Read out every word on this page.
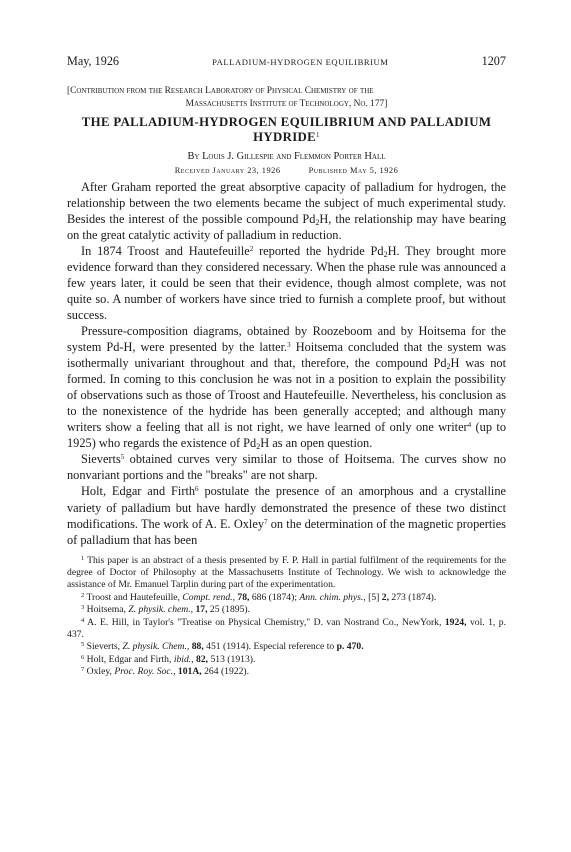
May, 1926	PALLADIUM-HYDROGEN EQUILIBRIUM	1207
[Contribution from the Research Laboratory of Physical Chemistry of the
Massachusetts Institute of Technology, No. 177]
THE PALLADIUM-HYDROGEN EQUILIBRIUM AND PALLADIUM HYDRIDE$^1$
By Louis J. Gillespie and Flemmon Porter Hall
Received January 23, 1926	Published May 5, 1926

After Graham reported the great absorptive capacity of palladium for hydrogen, the relationship between the two elements became the subject of much experimental study. Besides the interest of the possible compound $Pd_2H$, the relationship may have bearing on the great catalytic activity of palladium in reduction.

In 1874 Troost and Hautefeuille$^2$ reported the hydride $Pd_2H$. They brought more evidence forward than they considered necessary. When the phase rule was announced a few years later, it could be seen that their evidence, though almost complete, was not quite so. A number of workers have since tried to furnish a complete proof, but without success.

Pressure-composition diagrams, obtained by Roozeboom and by Hoitsema for the system Pd-H, were presented by the latter.$^3$ Hoitsema concluded that the system was isothermally univariant throughout and that, therefore, the compound $Pd_2H$ was not formed. In coming to this conclusion he was not in a position to explain the possibility of observations such as those of Troost and Hautefeuille. Nevertheless, his conclusion as to the nonexistence of the hydride has been generally accepted; and although many writers show a feeling that all is not right, we have learned of only one writer$^4$ (up to 1925) who regards the existence of $Pd_2H$ as an open question.

Sieverts$^5$ obtained curves very similar to those of Hoitsema. The curves show no nonvariant portions and the "breaks" are not sharp.

Holt, Edgar and Firth$^6$ postulate the presence of an amorphous and a crystalline variety of palladium but have hardly demonstrated the presence of these two distinct modifications. The work of A. E. Oxley$^7$ on the determination of the magnetic properties of palladium that has been

$^1$ This paper is an abstract of a thesis presented by F. P. Hall in partial fulfilment of the requirements for the degree of Doctor of Philosophy at the Massachusetts Institute of Technology. We wish to acknowledge the assistance of Mr. Emanuel Tarplin during part of the experimentation.

$^2$ Troost and Hautefeuille, Compt. rend., 78, 686 (1874); Ann. chim. phys., [5] 2, 273 (1874).

$^3$ Hoitsema, Z. physik. chem., 17, 25 (1895).

$^4$ A. E. Hill, in Taylor's "Treatise on Physical Chemistry," D. van Nostrand Co., NewYork, 1924, vol. 1, p. 437.

$^5$ Sieverts, Z. physik. Chem., 88, 451 (1914). Especial reference to p. 470.

$^6$ Holt, Edgar and Firth, ibid., 82, 513 (1913).

$^7$ Oxley, Proc. Roy. Soc., 101A, 264 (1922).
